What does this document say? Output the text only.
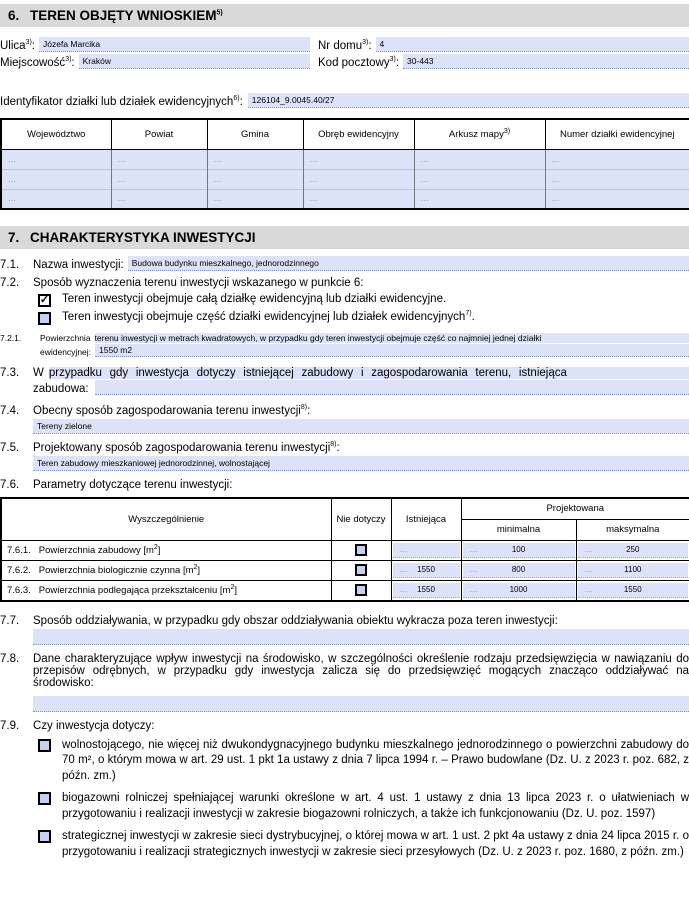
6. TEREN OBJĘTY WNIOSKIEM$^{5)}$
Ulica$^{3)}$: Józefa Marcika	Nr domu$^{3)}$: 4
Miejscowość$^{3)}$: Kraków	Kod pocztowy$^{3)}$: 30-443
Identyfikator działki lub działek ewidencyjnych$^{6)}$:	126104_9.0045.40/27
Województwo	Powiat	Gmina	Obręb ewidencyjny	Arkusz mapy$^{3)}$	Numer działki ewidencyjnej
…	…	…	…	…	…
…	…	…	…	…	…
…	…	…	…	…	…
7. CHARAKTERYSTYKA INWESTYCJI
7.1.	Nazwa inwestycji: Budowa budynku mieszkalnego, jednorodzinnego
7.2.	Sposób wyznaczenia terenu inwestycji wskazanego w punkcie 6:
✓ Teren inwestycji obejmuje całą działkę ewidencyjną lub działki ewidencyjne.
Teren inwestycji obejmuje część działki ewidencyjnej lub działek ewidencyjnych$^{7)}$.
7.2.1.	Powierzchnia terenu inwestycji w metrach kwadratowych, w przypadku gdy teren inwestycji obejmuje część co najmniej jednej działki
ewidencyjnej: 1550 m2
7.3.	W przypadku gdy inwestycja dotyczy istniejącej zabudowy i zagospodarowania terenu, istniejąca
zabudowa:
7.4.	Obecny sposób zagospodarowania terenu inwestycji$^{8)}$:
Tereny zielone
7.5.	Projektowany sposób zagospodarowania terenu inwestycji$^{8)}$:
Teren zabudowy mieszkaniowej jednorodzinnej, wolnostającej
7.6.	Parametry dotyczące terenu inwestycji:
Wyszczególnienie	Nie dotyczy	Istniejąca	Projektowana	
			minimalna	maksymalna
7.6.1. Powierzchnia zabudowy $[m^2]$		…	… 100	… 250

7.6.2. Powierzchnia biologicznie czynna $[m^2]$		… 1550	… 800	… 1100

7.6.3. Powierzchnia podlegająca przekształceniu $[m^2]$		… 1550	… 1000	… 1550
7.7.	Sposób oddziaływania, w przypadku gdy obszar oddziaływania obiektu wykracza poza teren inwestycji:
7.8.	Dane charakteryzujące wpływ inwestycji na środowisko, w szczególności określenie rodzaju przedsięwzięcia w nawiązaniu do przepisów odrębnych, w przypadku gdy inwestycja zalicza się do przedsięwzięć mogących znacząco oddziaływać na środowisko:
7.9.	Czy inwestycja dotyczy:
wolnostojącego, nie więcej niż dwukondygnacyjnego budynku mieszkalnego jednorodzinnego o powierzchni zabudowy do 70 m², o którym mowa w art. 29 ust. 1 pkt 1a ustawy z dnia 7 lipca 1994 r. – Prawo budowlane (Dz. U. z 2023 r. poz. 682, z późn. zm.)
biogazowni rolniczej spełniającej warunki określone w art. 4 ust. 1 ustawy z dnia 13 lipca 2023 r. o ułatwieniach w przygotowaniu i realizacji inwestycji w zakresie biogazowni rolniczych, a także ich funkcjonowaniu (Dz. U. poz. 1597)
strategicznej inwestycji w zakresie sieci dystrybucyjnej, o której mowa w art. 1 ust. 2 pkt 4a ustawy z dnia 24 lipca 2015 r. o przygotowaniu i realizacji strategicznych inwestycji w zakresie sieci przesyłowych (Dz. U. z 2023 r. poz. 1680, z późn. zm.)
